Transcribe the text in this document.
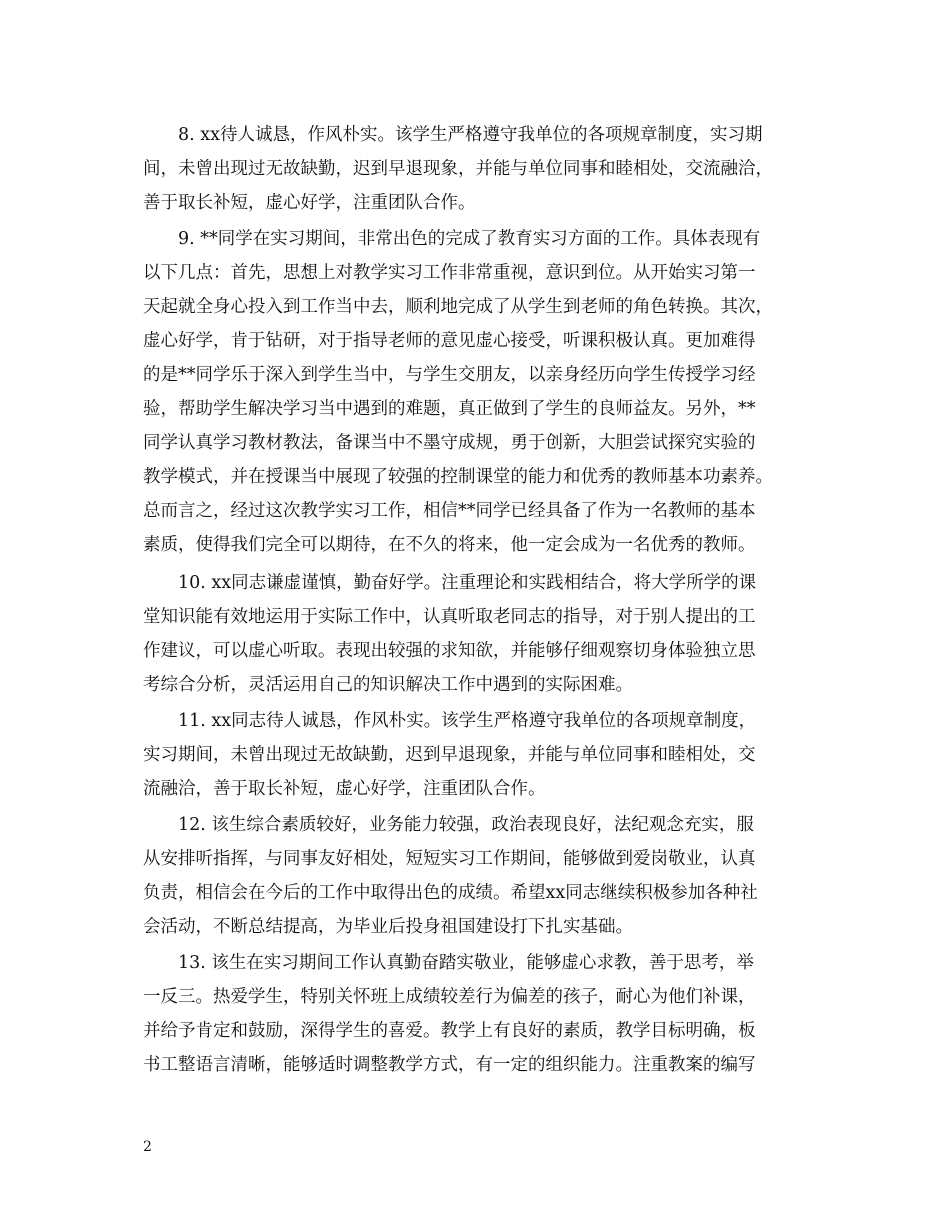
8. xx待人诚恳，作风朴实。该学生严格遵守我单位的各项规章制度，实习期
间，未曾出现过无故缺勤，迟到早退现象，并能与单位同事和睦相处，交流融洽，
善于取长补短，虚心好学，注重团队合作。
9. **同学在实习期间，非常出色的完成了教育实习方面的工作。具体表现有
以下几点：首先，思想上对教学实习工作非常重视，意识到位。从开始实习第一
天起就全身心投入到工作当中去，顺利地完成了从学生到老师的角色转换。其次，
虚心好学，肯于钻研，对于指导老师的意见虚心接受，听课积极认真。更加难得
的是**同学乐于深入到学生当中，与学生交朋友，以亲身经历向学生传授学习经
验，帮助学生解决学习当中遇到的难题，真正做到了学生的良师益友。另外，**
同学认真学习教材教法，备课当中不墨守成规，勇于创新，大胆尝试探究实验的
教学模式，并在授课当中展现了较强的控制课堂的能力和优秀的教师基本功素养。
总而言之，经过这次教学实习工作，相信**同学已经具备了作为一名教师的基本
素质，使得我们完全可以期待，在不久的将来，他一定会成为一名优秀的教师。
10. xx同志谦虚谨慎，勤奋好学。注重理论和实践相结合，将大学所学的课
堂知识能有效地运用于实际工作中，认真听取老同志的指导，对于别人提出的工
作建议，可以虚心听取。表现出较强的求知欲，并能够仔细观察切身体验独立思
考综合分析，灵活运用自己的知识解决工作中遇到的实际困难。
11. xx同志待人诚恳，作风朴实。该学生严格遵守我单位的各项规章制度，
实习期间，未曾出现过无故缺勤，迟到早退现象，并能与单位同事和睦相处，交
流融洽，善于取长补短，虚心好学，注重团队合作。
12. 该生综合素质较好，业务能力较强，政治表现良好，法纪观念充实，服
从安排听指挥，与同事友好相处，短短实习工作期间，能够做到爱岗敬业，认真
负责，相信会在今后的工作中取得出色的成绩。希望xx同志继续积极参加各种社
会活动，不断总结提高，为毕业后投身祖国建设打下扎实基础。
13. 该生在实习期间工作认真勤奋踏实敬业，能够虚心求教，善于思考，举
一反三。热爱学生，特别关怀班上成绩较差行为偏差的孩子，耐心为他们补课，
并给予肯定和鼓励，深得学生的喜爱。教学上有良好的素质，教学目标明确，板
书工整语言清晰，能够适时调整教学方式，有一定的组织能力。注重教案的编写
2
